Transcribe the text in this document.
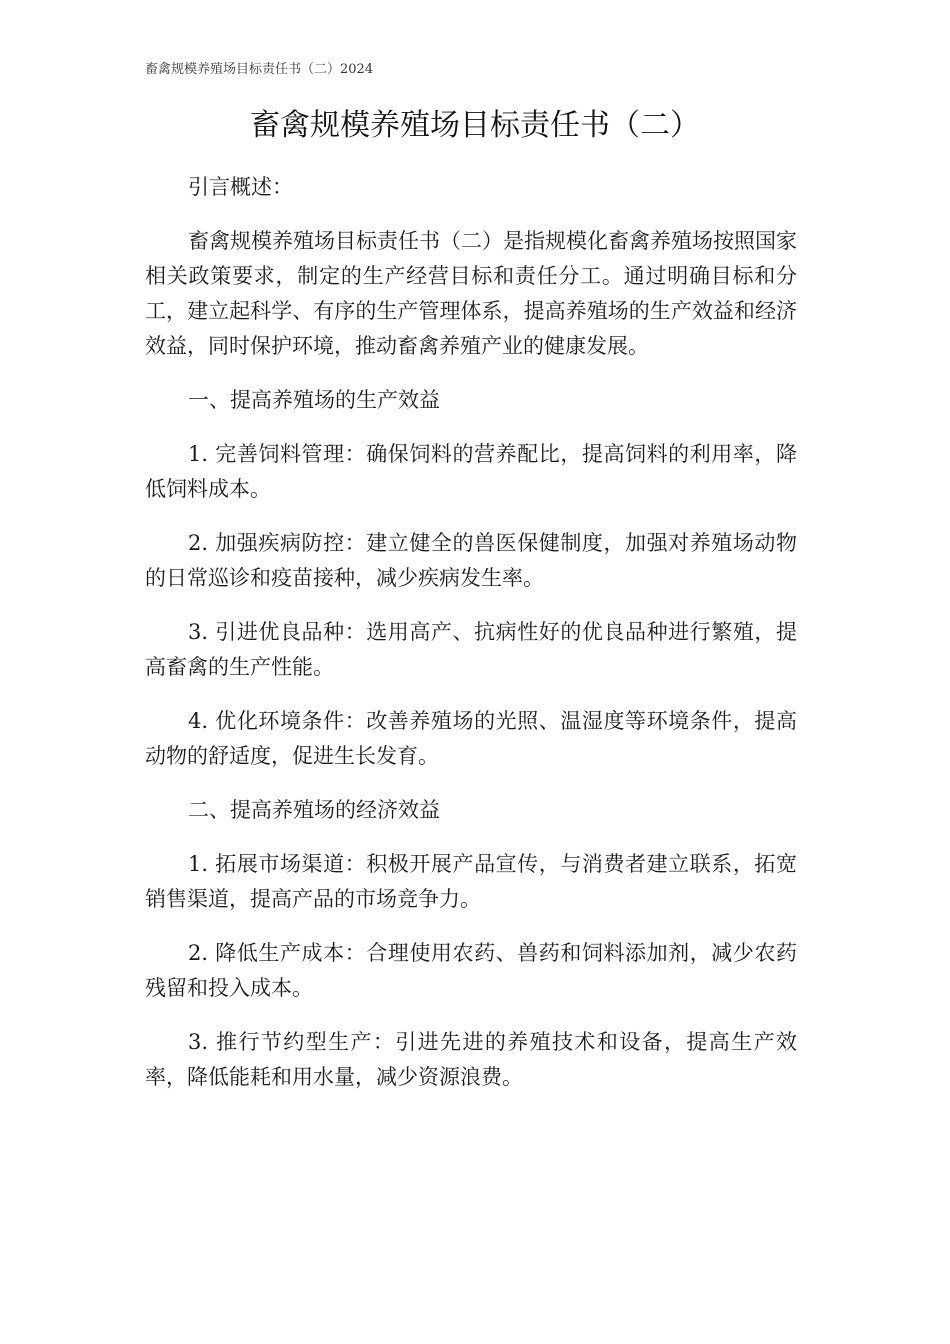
畜禽规模养殖场目标责任书（二）2024
畜禽规模养殖场目标责任书（二）

引言概述：

畜禽规模养殖场目标责任书（二）是指规模化畜禽养殖场按照国家相关政策要求，制定的生产经营目标和责任分工。通过明确目标和分工，建立起科学、有序的生产管理体系，提高养殖场的生产效益和经济效益，同时保护环境，推动畜禽养殖产业的健康发展。

一、提高养殖场的生产效益

1. 完善饲料管理：确保饲料的营养配比，提高饲料的利用率，降低饲料成本。

2. 加强疾病防控：建立健全的兽医保健制度，加强对养殖场动物的日常巡诊和疫苗接种，减少疾病发生率。

3. 引进优良品种：选用高产、抗病性好的优良品种进行繁殖，提高畜禽的生产性能。

4. 优化环境条件：改善养殖场的光照、温湿度等环境条件，提高动物的舒适度，促进生长发育。

二、提高养殖场的经济效益

1. 拓展市场渠道：积极开展产品宣传，与消费者建立联系，拓宽销售渠道，提高产品的市场竞争力。

2. 降低生产成本：合理使用农药、兽药和饲料添加剂，减少农药残留和投入成本。

3. 推行节约型生产：引进先进的养殖技术和设备，提高生产效率，降低能耗和用水量，减少资源浪费。
